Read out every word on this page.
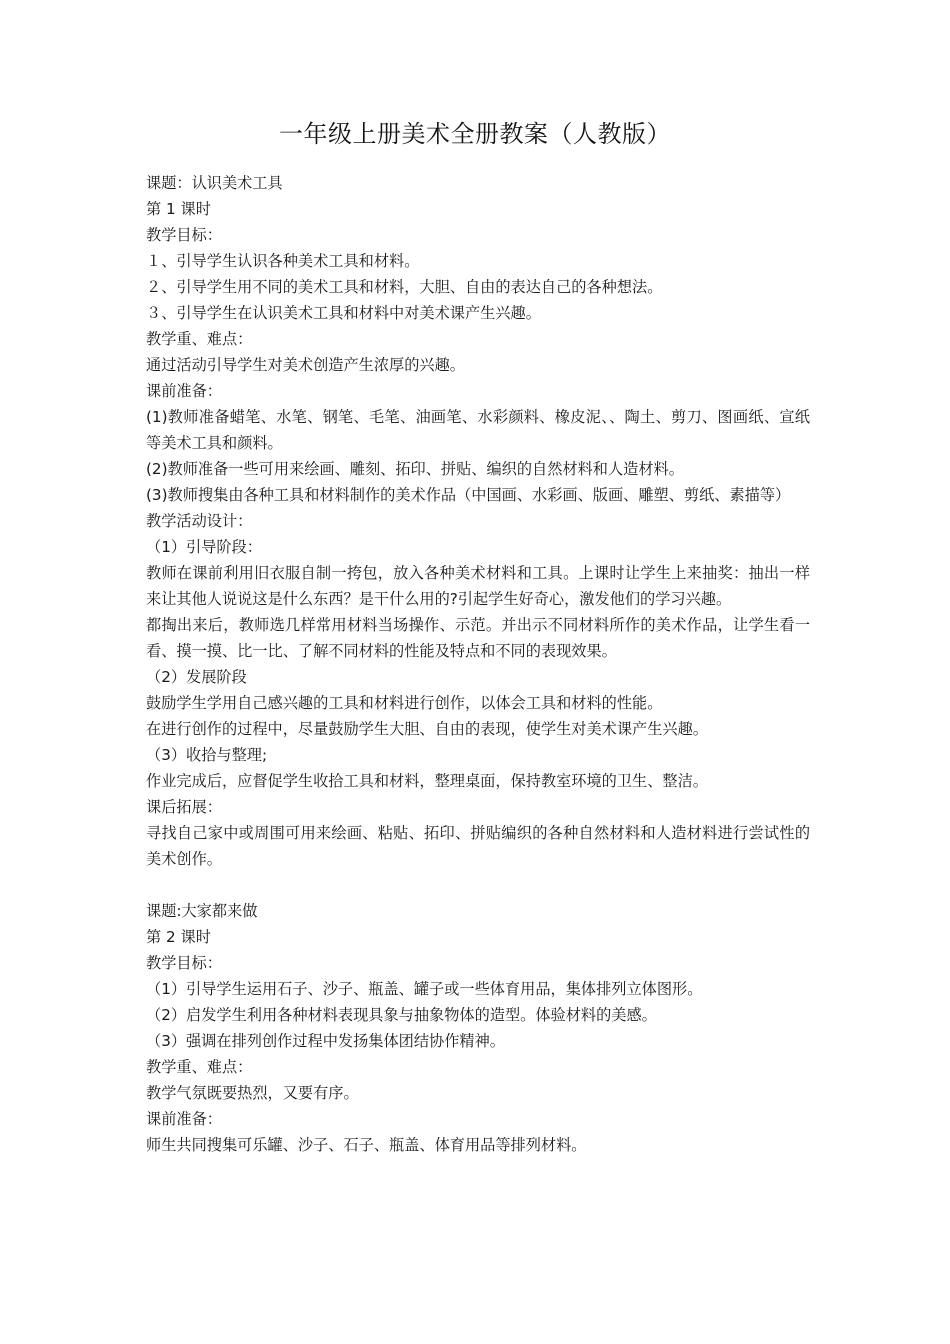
一年级上册美术全册教案（人教版）
课题：认识美术工具
第 1 课时
教学目标：
１、引导学生认识各种美术工具和材料。
２、引导学生用不同的美术工具和材料，大胆、自由的表达自己的各种想法。
３、引导学生在认识美术工具和材料中对美术课产生兴趣。
教学重、难点：
通过活动引导学生对美术创造产生浓厚的兴趣。
课前准备：
(1)教师准备蜡笔、水笔、钢笔、毛笔、油画笔、水彩颜料、橡皮泥、、陶土、剪刀、图画纸、宣纸等美术工具和颜料。
(2)教师准备一些可用来绘画、雕刻、拓印、拼贴、编织的自然材料和人造材料。
(3)教师搜集由各种工具和材料制作的美术作品（中国画、水彩画、版画、雕塑、剪纸、素描等）
教学活动设计：
（1）引导阶段：
教师在课前利用旧衣服自制一挎包，放入各种美术材料和工具。上课时让学生上来抽奖：抽出一样来让其他人说说这是什么东西？是干什么用的?引起学生好奇心，激发他们的学习兴趣。
都掏出来后，教师选几样常用材料当场操作、示范。并出示不同材料所作的美术作品，让学生看一看、摸一摸、比一比、了解不同材料的性能及特点和不同的表现效果。
（2）发展阶段
鼓励学生学用自己感兴趣的工具和材料进行创作，以体会工具和材料的性能。
在进行创作的过程中，尽量鼓励学生大胆、自由的表现，使学生对美术课产生兴趣。
（3）收拾与整理;
作业完成后，应督促学生收拾工具和材料，整理桌面，保持教室环境的卫生、整洁。
课后拓展：
寻找自己家中或周围可用来绘画、粘贴、拓印、拼贴编织的各种自然材料和人造材料进行尝试性的美术创作。
课题:大家都来做
第 2 课时
教学目标：
（1）引导学生运用石子、沙子、瓶盖、罐子或一些体育用品，集体排列立体图形。
（2）启发学生利用各种材料表现具象与抽象物体的造型。体验材料的美感。
（3）强调在排列创作过程中发扬集体团结协作精神。
教学重、难点：
教学气氛既要热烈，又要有序。
课前准备：
师生共同搜集可乐罐、沙子、石子、瓶盖、体育用品等排列材料。
